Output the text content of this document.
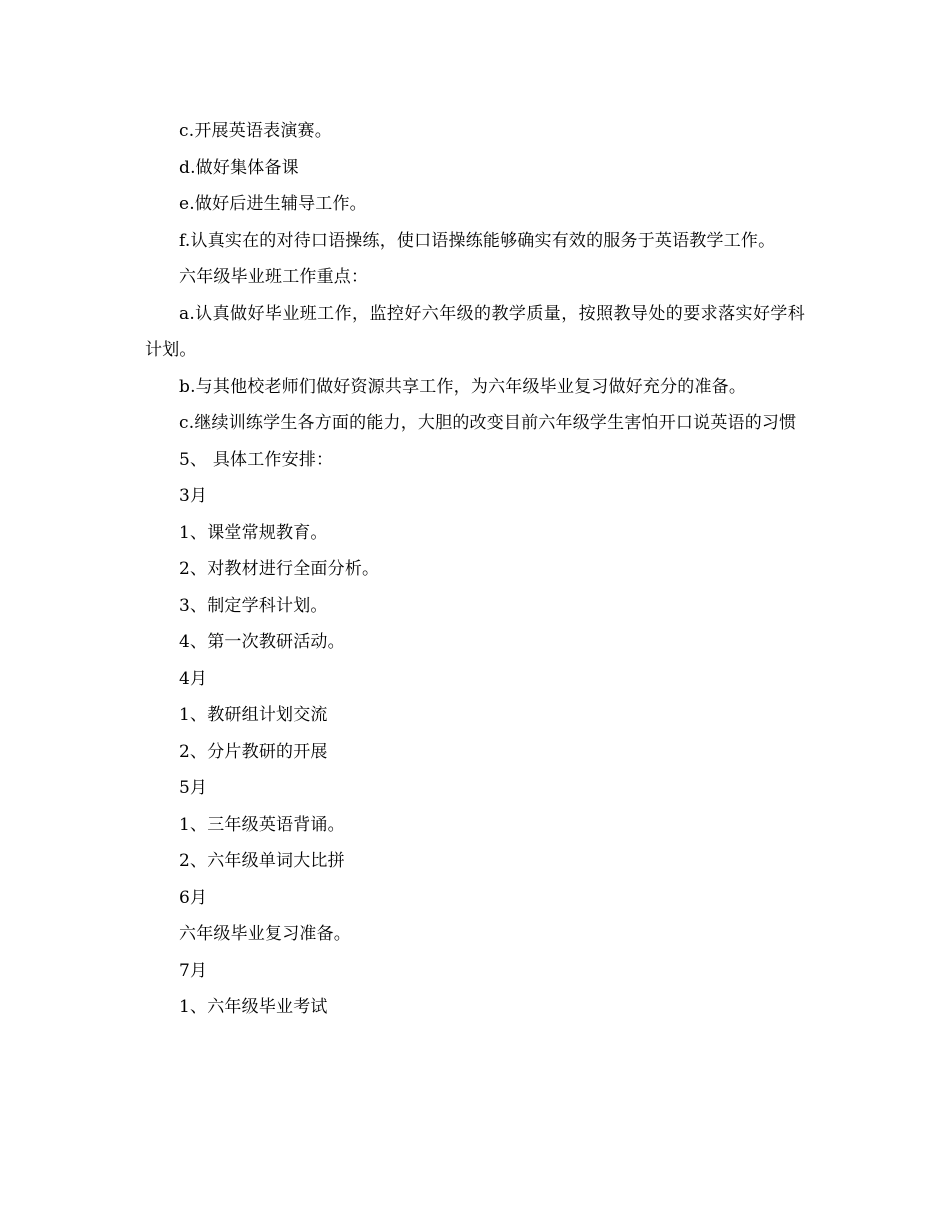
c.开展英语表演赛。

d.做好集体备课

e.做好后进生辅导工作。

f.认真实在的对待口语操练，使口语操练能够确实有效的服务于英语教学工作。

六年级毕业班工作重点：

a.认真做好毕业班工作，监控好六年级的教学质量，按照教导处的要求落实好学科计划。

b.与其他校老师们做好资源共享工作，为六年级毕业复习做好充分的准备。

c.继续训练学生各方面的能力，大胆的改变目前六年级学生害怕开口说英语的习惯

5、 具体工作安排：

3月

1、课堂常规教育。

2、对教材进行全面分析。

3、制定学科计划。

4、第一次教研活动。

4月

1、教研组计划交流

2、分片教研的开展

5月

1、三年级英语背诵。

2、六年级单词大比拼

6月

六年级毕业复习准备。

7月

1、六年级毕业考试
